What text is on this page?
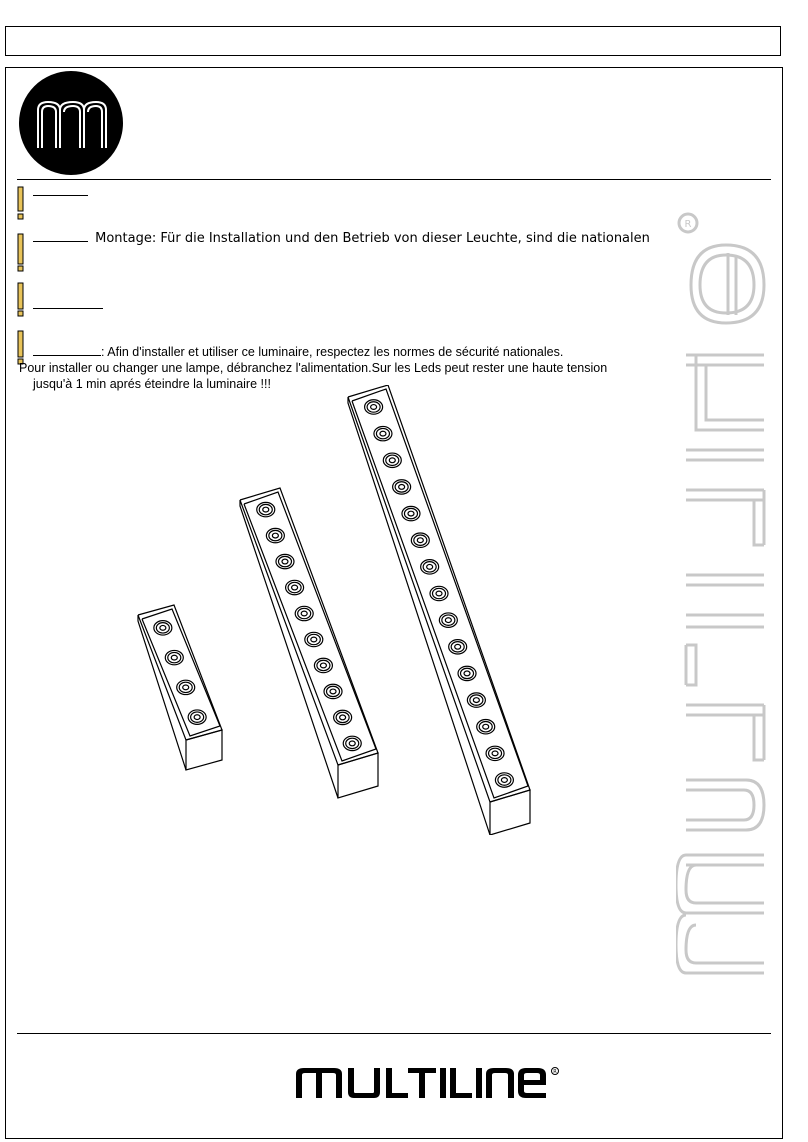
Montage: Für die Installation und den Betrieb von dieser Leuchte, sind die nationalen
: Afin d'installer et utiliser ce luminaire, respectez les normes de sécurité nationales.
Pour installer ou changer une lampe, débranchez l'alimentation.Sur les Leds peut rester une haute tension
jusqu'à 1 min aprés éteindre la luminaire !!!
R
R
